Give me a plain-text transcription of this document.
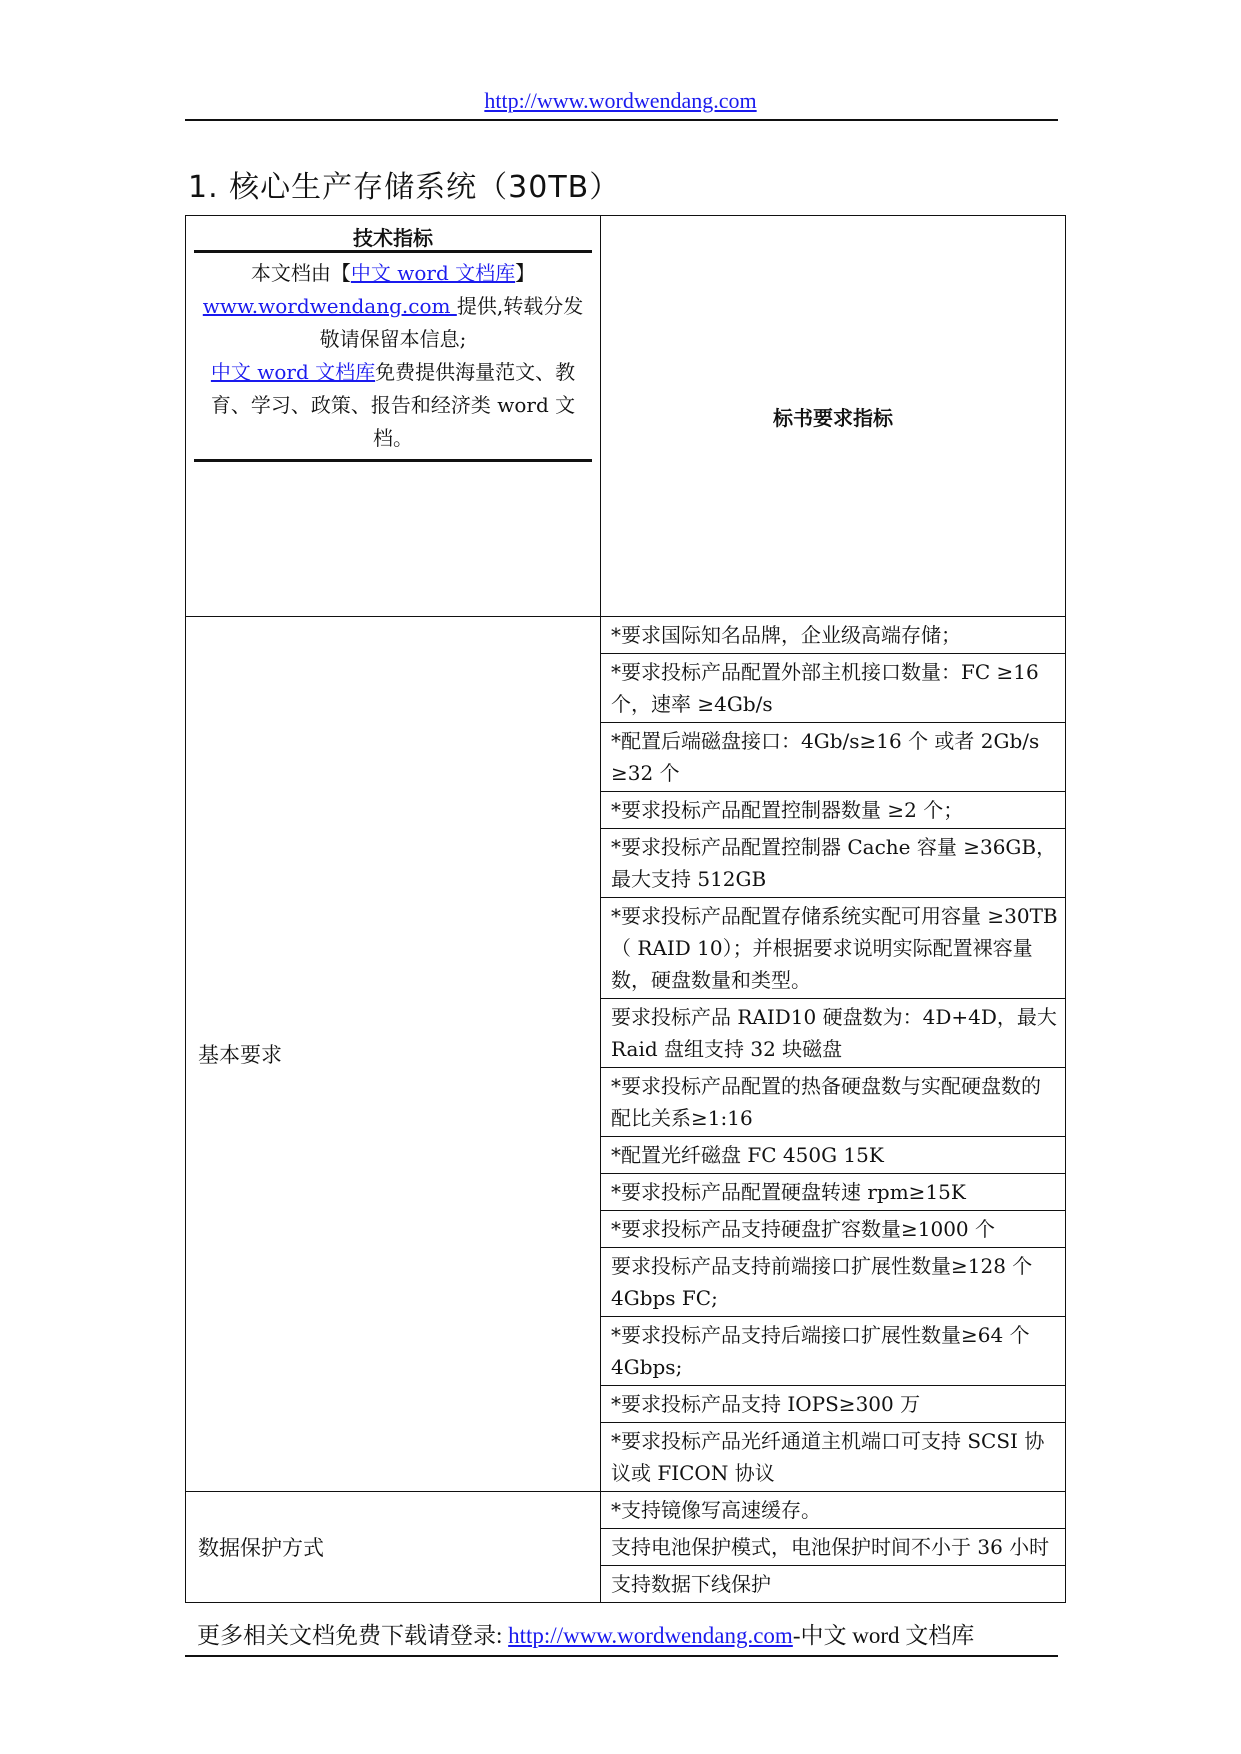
http://www.wordwendang.com
1. 核心生产存储系统（30TB）
技术指标
本文档由【中文 word 文档库】
www.wordwendang.com 提供,转载分发敬请保留本信息;
中文 word 文档库免费提供海量范文、教育、学习、政策、报告和经济类 word 文档。	标书要求指标
基本要求	*要求国际知名品牌，企业级高端存储；
	*要求投标产品配置外部主机接口数量：FC ≥16 个，速率 ≥4Gb/s
	*配置后端磁盘接口：4Gb/s≥16 个 或者 2Gb/s ≥32 个
	*要求投标产品配置控制器数量 ≥2 个；
	*要求投标产品配置控制器 Cache 容量 ≥36GB，最大支持 512GB
	*要求投标产品配置存储系统实配可用容量 ≥30TB（ RAID 10）；并根据要求说明实际配置裸容量数，硬盘数量和类型。
	要求投标产品 RAID10 硬盘数为：4D+4D，最大 Raid 盘组支持 32 块磁盘
	*要求投标产品配置的热备硬盘数与实配硬盘数的配比关系≥1:16
	*配置光纤磁盘 FC 450G 15K
	*要求投标产品配置硬盘转速 rpm≥15K
	*要求投标产品支持硬盘扩容数量≥1000 个
	要求投标产品支持前端接口扩展性数量≥128 个 4Gbps FC;
	*要求投标产品支持后端接口扩展性数量≥64 个 4Gbps;
	*要求投标产品支持 IOPS≥300 万
	*要求投标产品光纤通道主机端口可支持 SCSI 协议或 FICON 协议
数据保护方式	*支持镜像写高速缓存。
	支持电池保护模式，电池保护时间不小于 36 小时
	支持数据下线保护
更多相关文档免费下载请登录: http://www.wordwendang.com-中文 word 文档库
